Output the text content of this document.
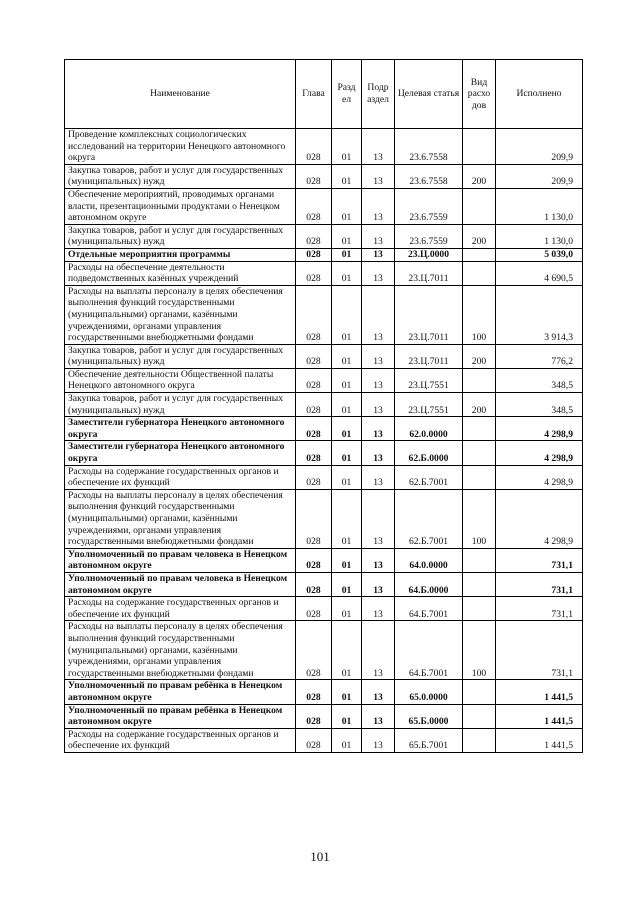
Наименование	Глава	Разд ел	Подр аздел	Целевая статья	Вид расхо дов	Исполнено
Проведение комплексных социологических исследований на территории Ненецкого автономного округа	028	01	13	23.6.7558		209,9
Закупка товаров, работ и услуг для государственных (муниципальных) нужд	028	01	13	23.6.7558	200	209,9
Обеспечение мероприятий, проводимых органами власти, презентационными продуктами о Ненецком автономном округе	028	01	13	23.6.7559		1 130,0
Закупка товаров, работ и услуг для государственных (муниципальных) нужд	028	01	13	23.6.7559	200	1 130,0
Отдельные мероприятия программы	028	01	13	23.Ц.0000		5 039,0
Расходы на обеспечение деятельности подведомственных казённых учреждений	028	01	13	23.Ц.7011		4 690,5
Расходы на выплаты персоналу в целях обеспечения выполнения функций государственными (муниципальными) органами, казёнными учреждениями, органами управления государственными внебюджетными фондами	028	01	13	23.Ц.7011	100	3 914,3
Закупка товаров, работ и услуг для государственных (муниципальных) нужд	028	01	13	23.Ц.7011	200	776,2
Обеспечение деятельности Общественной палаты Ненецкого автономного округа	028	01	13	23.Ц.7551		348,5
Закупка товаров, работ и услуг для государственных (муниципальных) нужд	028	01	13	23.Ц.7551	200	348,5
Заместители губернатора Ненецкого автономного округа	028	01	13	62.0.0000		4 298,9
Заместители губернатора Ненецкого автономного округа	028	01	13	62.Б.0000		4 298,9
Расходы на содержание государственных органов и обеспечение их функций	028	01	13	62.Б.7001		4 298,9
Расходы на выплаты персоналу в целях обеспечения выполнения функций государственными (муниципальными) органами, казёнными учреждениями, органами управления государственными внебюджетными фондами	028	01	13	62.Б.7001	100	4 298,9
Уполномоченный по правам человека в Ненецком автономном округе	028	01	13	64.0.0000		731,1
Уполномоченный по правам человека в Ненецком автономном округе	028	01	13	64.Б.0000		731,1
Расходы на содержание государственных органов и обеспечение их функций	028	01	13	64.Б.7001		731,1
Расходы на выплаты персоналу в целях обеспечения выполнения функций государственными (муниципальными) органами, казёнными учреждениями, органами управления государственными внебюджетными фондами	028	01	13	64.Б.7001	100	731,1
Уполномоченный по правам ребёнка в Ненецком автономном округе	028	01	13	65.0.0000		1 441,5
Уполномоченный по правам ребёнка в Ненецком автономном округе	028	01	13	65.Б.0000		1 441,5
Расходы на содержание государственных органов и обеспечение их функций	028	01	13	65.Б.7001		1 441,5
101
